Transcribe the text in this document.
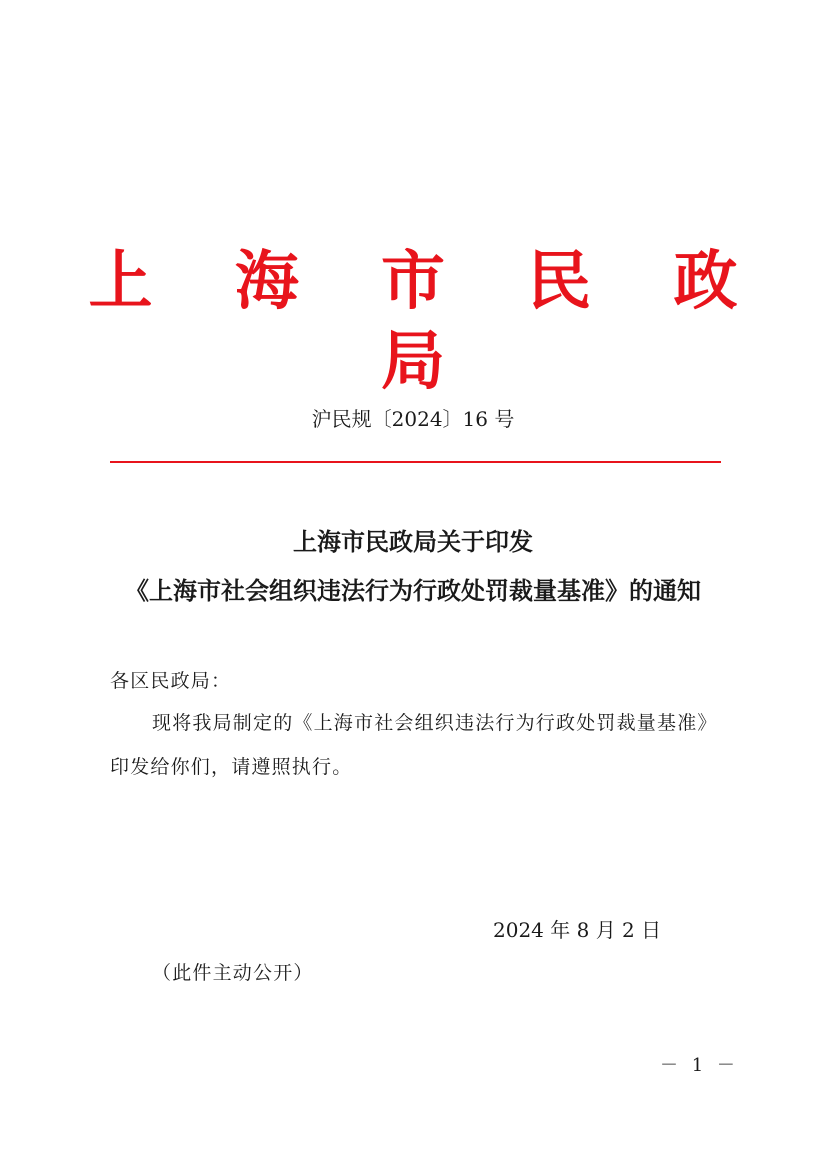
上 海 市 民 政 局
沪民规〔2024〕16 号
上海市民政局关于印发
《上海市社会组织违法行为行政处罚裁量基准》的通知
各区民政局：
现将我局制定的《上海市社会组织违法行为行政处罚裁量基准》
印发给你们，请遵照执行。
2024 年 8 月 2 日
（此件主动公开）
－ 1 －
